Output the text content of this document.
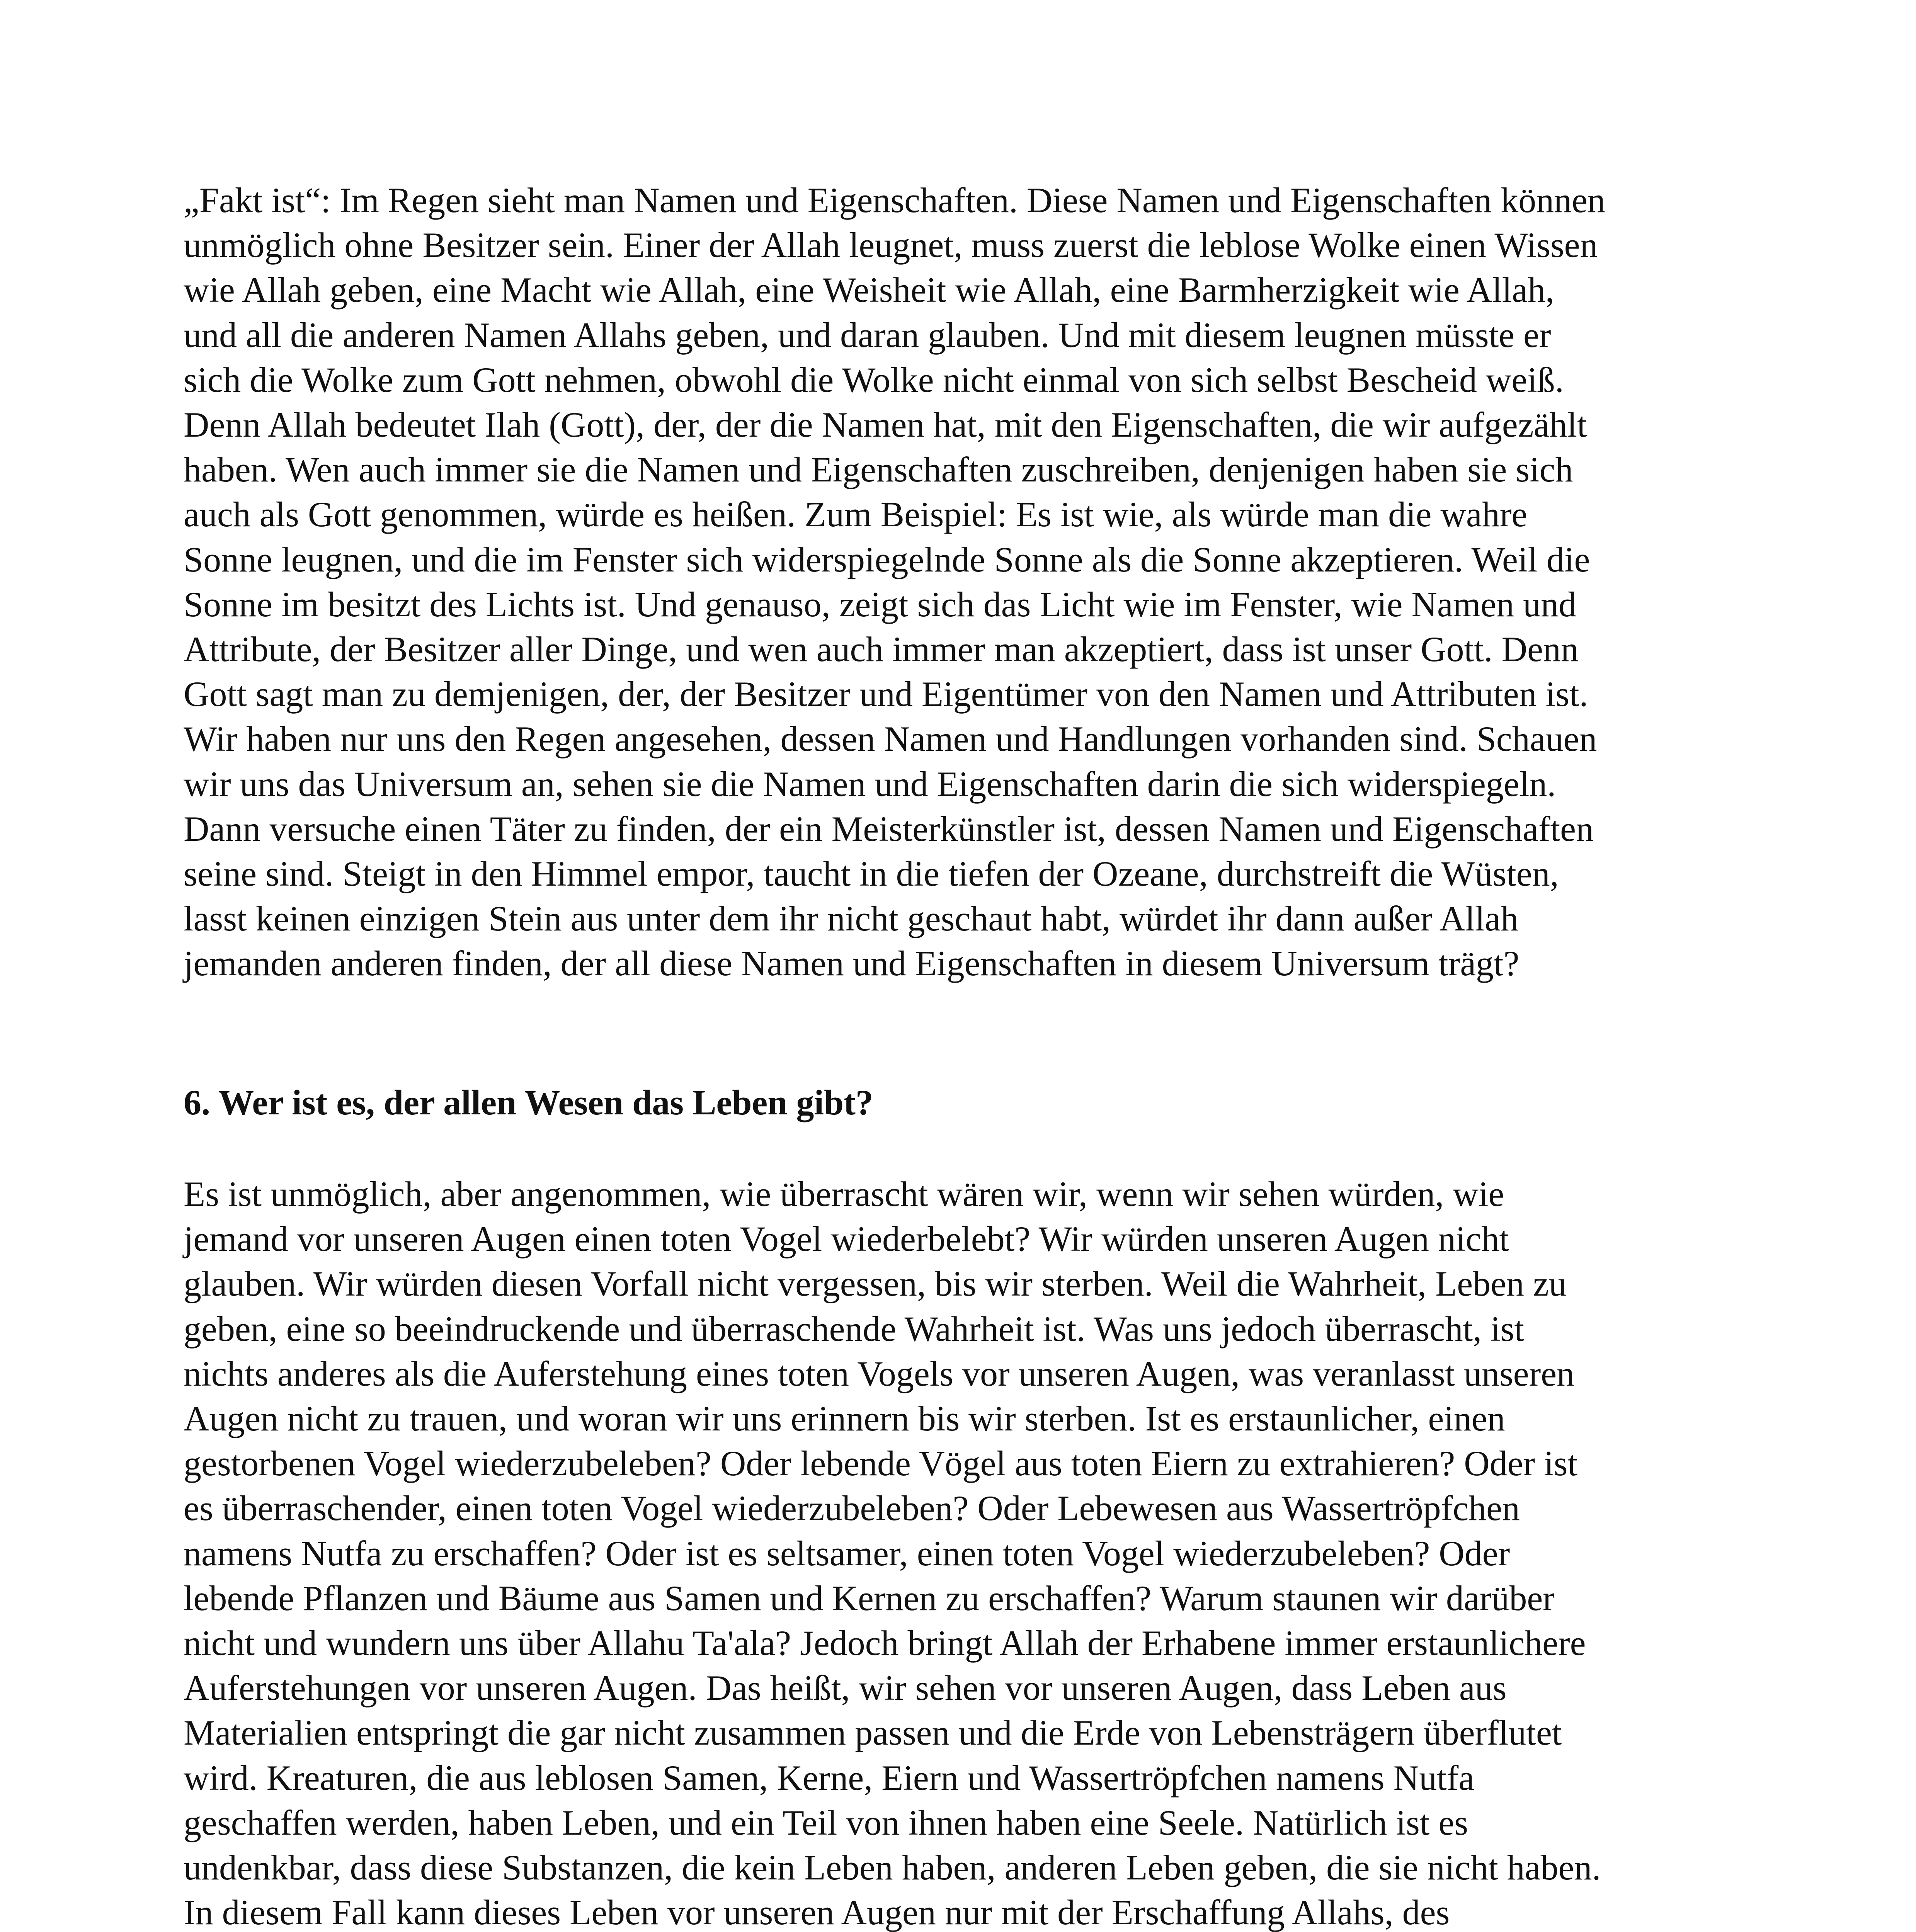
„Fakt ist“: Im Regen sieht man Namen und Eigenschaften. Diese Namen und Eigenschaften können
unmöglich ohne Besitzer sein. Einer der Allah leugnet, muss zuerst die leblose Wolke einen Wissen
wie Allah geben, eine Macht wie Allah, eine Weisheit wie Allah, eine Barmherzigkeit wie Allah,
und all die anderen Namen Allahs geben, und daran glauben. Und mit diesem leugnen müsste er
sich die Wolke zum Gott nehmen, obwohl die Wolke nicht einmal von sich selbst Bescheid weiß.
Denn Allah bedeutet Ilah (Gott), der, der die Namen hat, mit den Eigenschaften, die wir aufgezählt
haben. Wen auch immer sie die Namen und Eigenschaften zuschreiben, denjenigen haben sie sich
auch als Gott genommen, würde es heißen. Zum Beispiel: Es ist wie, als würde man die wahre
Sonne leugnen, und die im Fenster sich widerspiegelnde Sonne als die Sonne akzeptieren. Weil die
Sonne im besitzt des Lichts ist. Und genauso, zeigt sich das Licht wie im Fenster, wie Namen und
Attribute, der Besitzer aller Dinge, und wen auch immer man akzeptiert, dass ist unser Gott. Denn
Gott sagt man zu demjenigen, der, der Besitzer und Eigentümer von den Namen und Attributen ist.
Wir haben nur uns den Regen angesehen, dessen Namen und Handlungen vorhanden sind. Schauen
wir uns das Universum an, sehen sie die Namen und Eigenschaften darin die sich widerspiegeln.
Dann versuche einen Täter zu finden, der ein Meisterkünstler ist, dessen Namen und Eigenschaften
seine sind. Steigt in den Himmel empor, taucht in die tiefen der Ozeane, durchstreift die Wüsten,
lasst keinen einzigen Stein aus unter dem ihr nicht geschaut habt, würdet ihr dann außer Allah
jemanden anderen finden, der all diese Namen und Eigenschaften in diesem Universum trägt?
6. Wer ist es, der allen Wesen das Leben gibt?
Es ist unmöglich, aber angenommen, wie überrascht wären wir, wenn wir sehen würden, wie
jemand vor unseren Augen einen toten Vogel wiederbelebt? Wir würden unseren Augen nicht
glauben. Wir würden diesen Vorfall nicht vergessen, bis wir sterben. Weil die Wahrheit, Leben zu
geben, eine so beeindruckende und überraschende Wahrheit ist. Was uns jedoch überrascht, ist
nichts anderes als die Auferstehung eines toten Vogels vor unseren Augen, was veranlasst unseren
Augen nicht zu trauen, und woran wir uns erinnern bis wir sterben. Ist es erstaunlicher, einen
gestorbenen Vogel wiederzubeleben? Oder lebende Vögel aus toten Eiern zu extrahieren? Oder ist
es überraschender, einen toten Vogel wiederzubeleben? Oder Lebewesen aus Wassertröpfchen
namens Nutfa zu erschaffen? Oder ist es seltsamer, einen toten Vogel wiederzubeleben? Oder
lebende Pflanzen und Bäume aus Samen und Kernen zu erschaffen? Warum staunen wir darüber
nicht und wundern uns über Allahu Ta'ala? Jedoch bringt Allah der Erhabene immer erstaunlichere
Auferstehungen vor unseren Augen. Das heißt, wir sehen vor unseren Augen, dass Leben aus
Materialien entspringt die gar nicht zusammen passen und die Erde von Lebensträgern überflutet
wird. Kreaturen, die aus leblosen Samen, Kerne, Eiern und Wassertröpfchen namens Nutfa
geschaffen werden, haben Leben, und ein Teil von ihnen haben eine Seele. Natürlich ist es
undenkbar, dass diese Substanzen, die kein Leben haben, anderen Leben geben, die sie nicht haben.
In diesem Fall kann dieses Leben vor unseren Augen nur mit der Erschaffung Allahs, des
